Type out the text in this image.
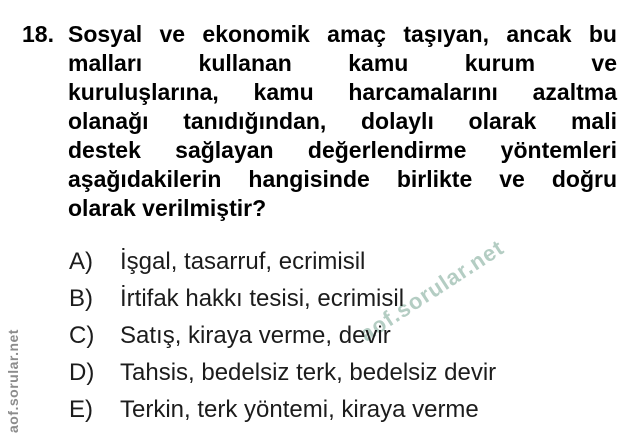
aof.sorular.net
aof.sorular.net
18. Sosyal ve ekonomik amaç taşıyan, ancak bu
malları kullanan kamu kurum ve
kuruluşlarına, kamu harcamalarını azaltma
olanağı tanıdığından, dolaylı olarak mali
destek sağlayan değerlendirme yöntemleri
aşağıdakilerin hangisinde birlikte ve doğru
olarak verilmiştir?
A)	İşgal, tasarruf, ecrimisil
B)	İrtifak hakkı tesisi, ecrimisil
C)	Satış, kiraya verme, devir
D)	Tahsis, bedelsiz terk, bedelsiz devir
E)	Terkin, terk yöntemi, kiraya verme
